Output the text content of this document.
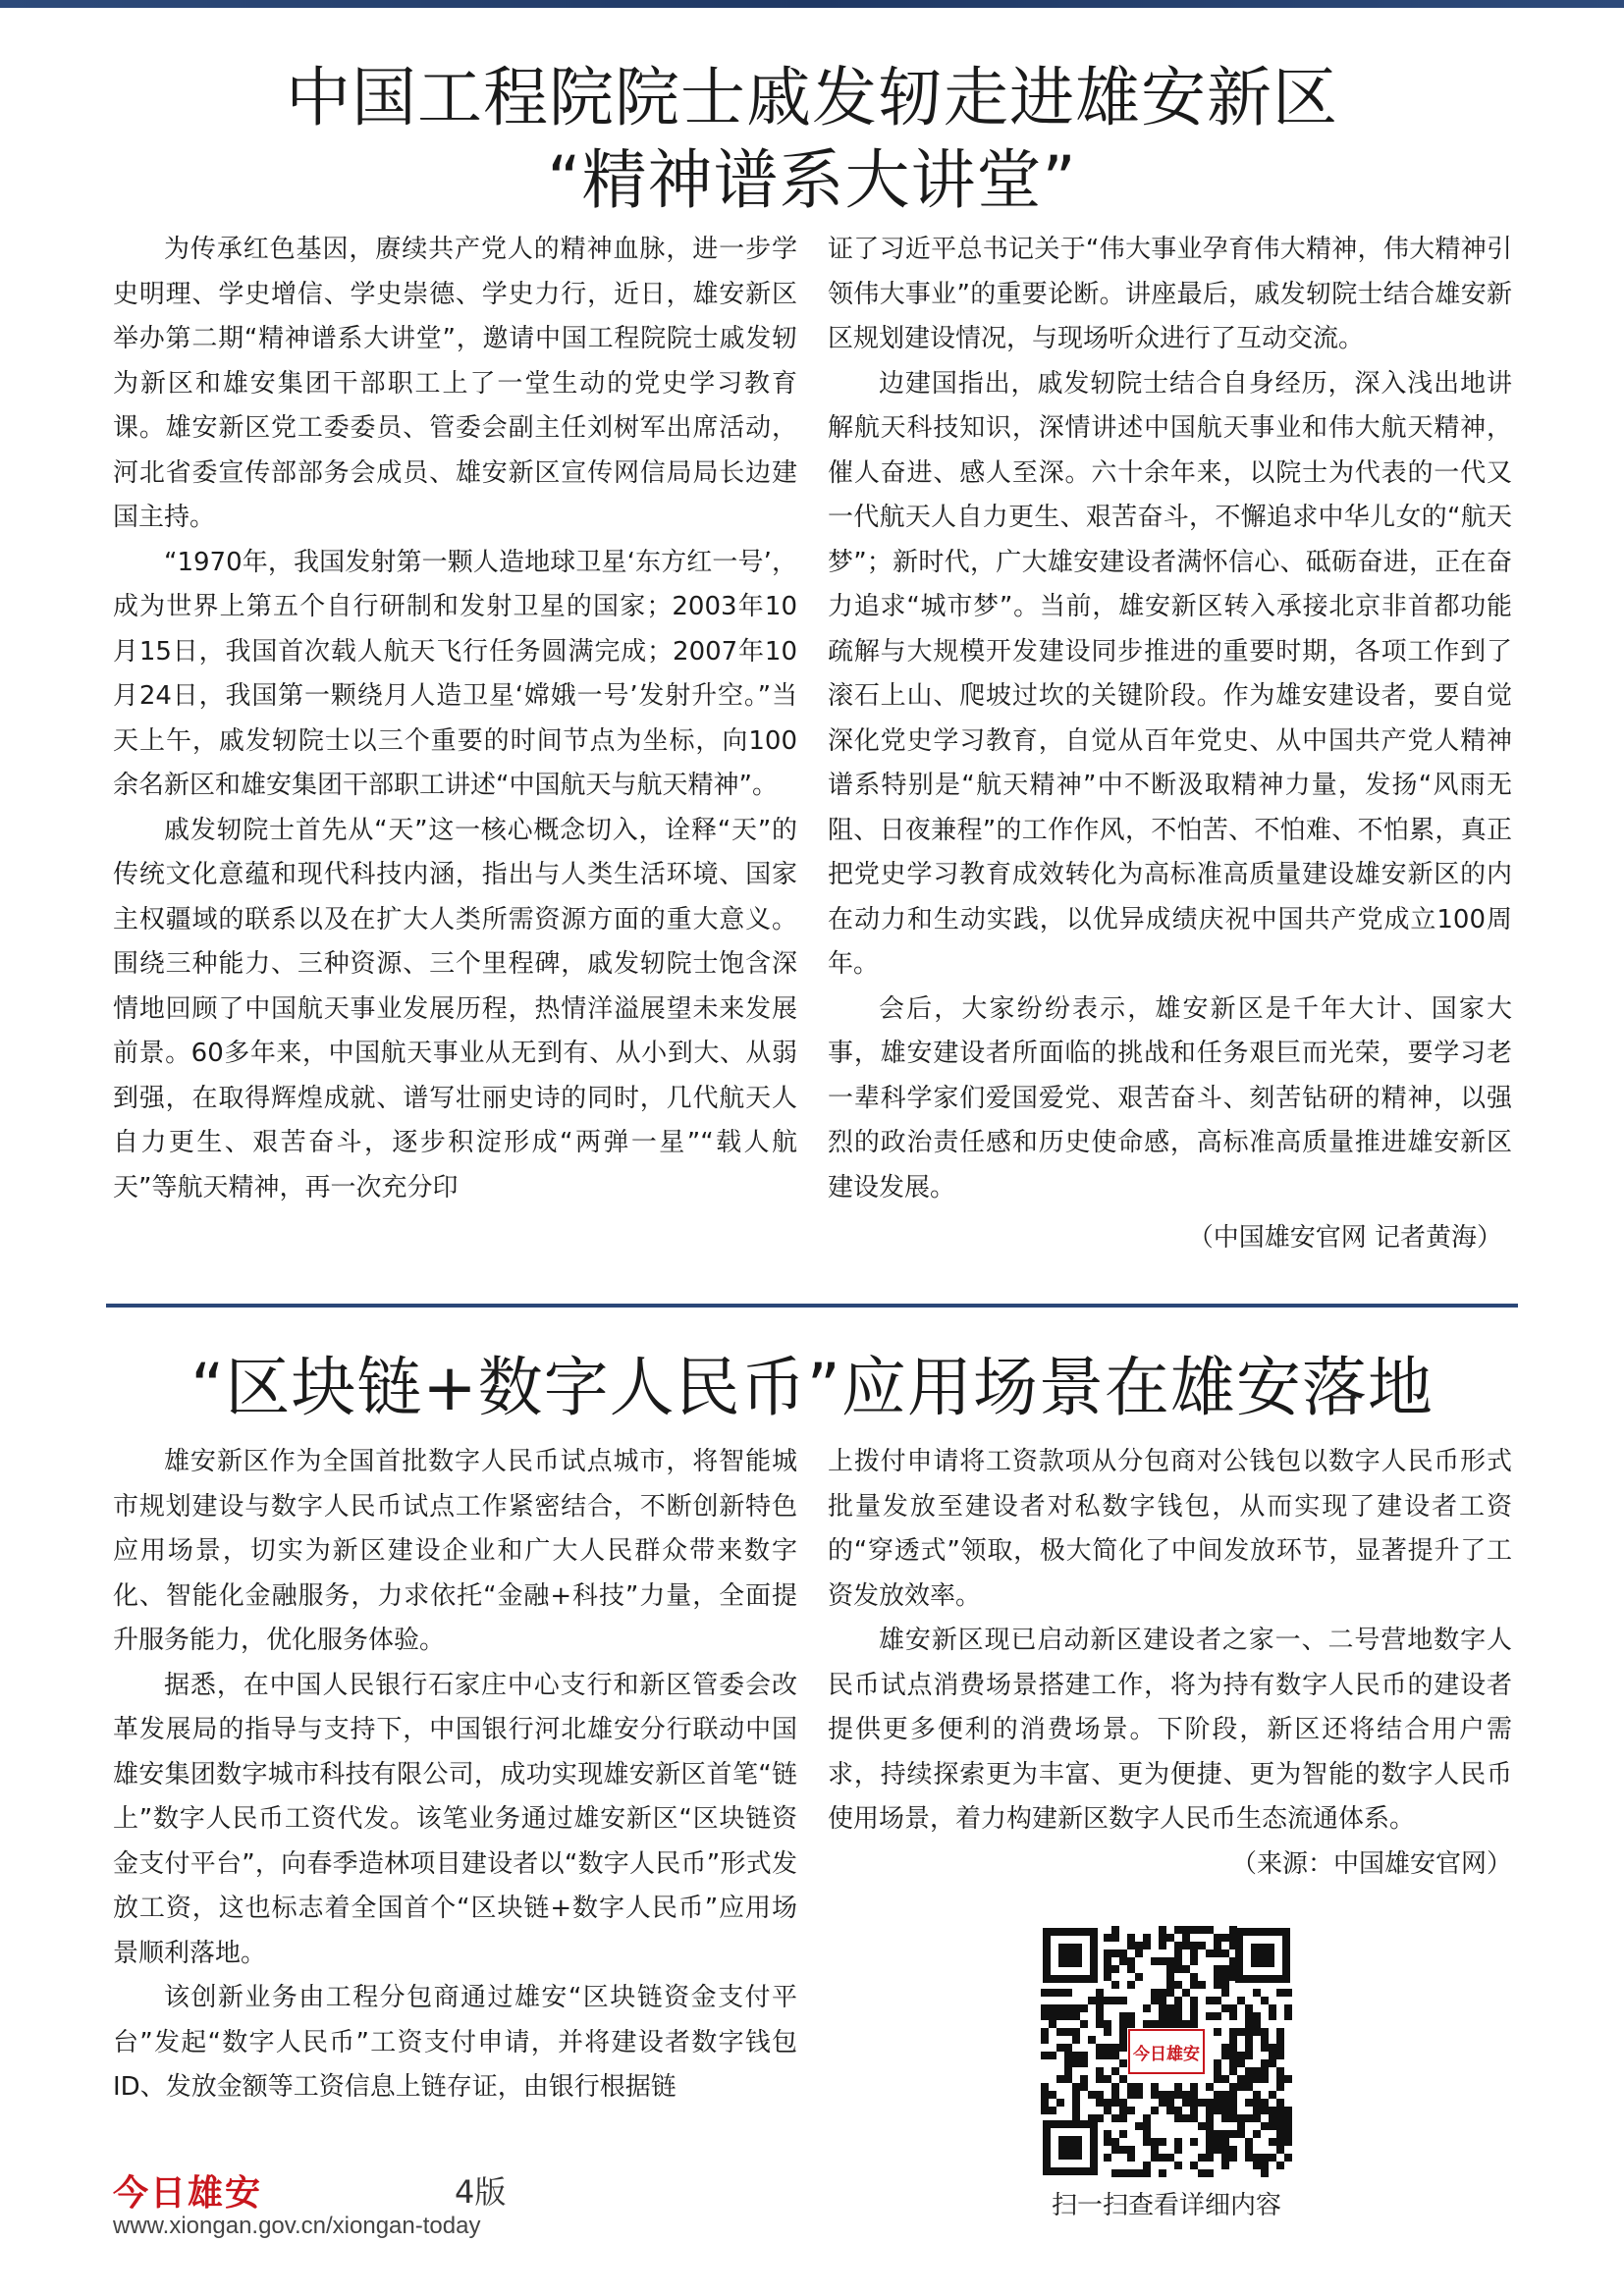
中国工程院院士戚发轫走进雄安新区
“精神谱系大讲堂”

为传承红色基因，赓续共产党人的精神血脉，进一步学史明理、学史增信、学史崇德、学史力行，近日，雄安新区举办第二期“精神谱系大讲堂”，邀请中国工程院院士戚发轫为新区和雄安集团干部职工上了一堂生动的党史学习教育课。雄安新区党工委委员、管委会副主任刘树军出席活动，河北省委宣传部部务会成员、雄安新区宣传网信局局长边建国主持。

“1970年，我国发射第一颗人造地球卫星‘东方红一号’，成为世界上第五个自行研制和发射卫星的国家；2003年10月15日，我国首次载人航天飞行任务圆满完成；2007年10月24日，我国第一颗绕月人造卫星‘嫦娥一号’发射升空。”当天上午，戚发轫院士以三个重要的时间节点为坐标，向100余名新区和雄安集团干部职工讲述“中国航天与航天精神”。

戚发轫院士首先从“天”这一核心概念切入，诠释“天”的传统文化意蕴和现代科技内涵，指出与人类生活环境、国家主权疆域的联系以及在扩大人类所需资源方面的重大意义。围绕三种能力、三种资源、三个里程碑，戚发轫院士饱含深情地回顾了中国航天事业发展历程，热情洋溢展望未来发展前景。60多年来，中国航天事业从无到有、从小到大、从弱到强，在取得辉煌成就、谱写壮丽史诗的同时，几代航天人自力更生、艰苦奋斗，逐步积淀形成“两弹一星”“载人航天”等航天精神，再一次充分印

证了习近平总书记关于“伟大事业孕育伟大精神，伟大精神引领伟大事业”的重要论断。讲座最后，戚发轫院士结合雄安新区规划建设情况，与现场听众进行了互动交流。

边建国指出，戚发轫院士结合自身经历，深入浅出地讲解航天科技知识，深情讲述中国航天事业和伟大航天精神，催人奋进、感人至深。六十余年来，以院士为代表的一代又一代航天人自力更生、艰苦奋斗，不懈追求中华儿女的“航天梦”；新时代，广大雄安建设者满怀信心、砥砺奋进，正在奋力追求“城市梦”。当前，雄安新区转入承接北京非首都功能疏解与大规模开发建设同步推进的重要时期，各项工作到了滚石上山、爬坡过坎的关键阶段。作为雄安建设者，要自觉深化党史学习教育，自觉从百年党史、从中国共产党人精神谱系特别是“航天精神”中不断汲取精神力量，发扬“风雨无阻、日夜兼程”的工作作风，不怕苦、不怕难、不怕累，真正把党史学习教育成效转化为高标准高质量建设雄安新区的内在动力和生动实践，以优异成绩庆祝中国共产党成立100周年。

会后，大家纷纷表示，雄安新区是千年大计、国家大事，雄安建设者所面临的挑战和任务艰巨而光荣，要学习老一辈科学家们爱国爱党、艰苦奋斗、刻苦钻研的精神，以强烈的政治责任感和历史使命感，高标准高质量推进雄安新区建设发展。

（中国雄安官网 记者黄海）
“区块链+数字人民币”应用场景在雄安落地

雄安新区作为全国首批数字人民币试点城市，将智能城市规划建设与数字人民币试点工作紧密结合，不断创新特色应用场景，切实为新区建设企业和广大人民群众带来数字化、智能化金融服务，力求依托“金融+科技”力量，全面提升服务能力，优化服务体验。

据悉，在中国人民银行石家庄中心支行和新区管委会改革发展局的指导与支持下，中国银行河北雄安分行联动中国雄安集团数字城市科技有限公司，成功实现雄安新区首笔“链上”数字人民币工资代发。该笔业务通过雄安新区“区块链资金支付平台”，向春季造林项目建设者以“数字人民币”形式发放工资，这也标志着全国首个“区块链+数字人民币”应用场景顺利落地。

该创新业务由工程分包商通过雄安“区块链资金支付平台”发起“数字人民币”工资支付申请，并将建设者数字钱包ID、发放金额等工资信息上链存证，由银行根据链

上拨付申请将工资款项从分包商对公钱包以数字人民币形式批量发放至建设者对私数字钱包，从而实现了建设者工资的“穿透式”领取，极大简化了中间发放环节，显著提升了工资发放效率。

雄安新区现已启动新区建设者之家一、二号营地数字人民币试点消费场景搭建工作，将为持有数字人民币的建设者提供更多便利的消费场景。下阶段，新区还将结合用户需求，持续探索更为丰富、更为便捷、更为智能的数字人民币使用场景，着力构建新区数字人民币生态流通体系。
（来源：中国雄安官网）

今日雄安
扫一扫查看详细内容
今日雄安	4版
www.xiongan.gov.cn/xiongan-today
